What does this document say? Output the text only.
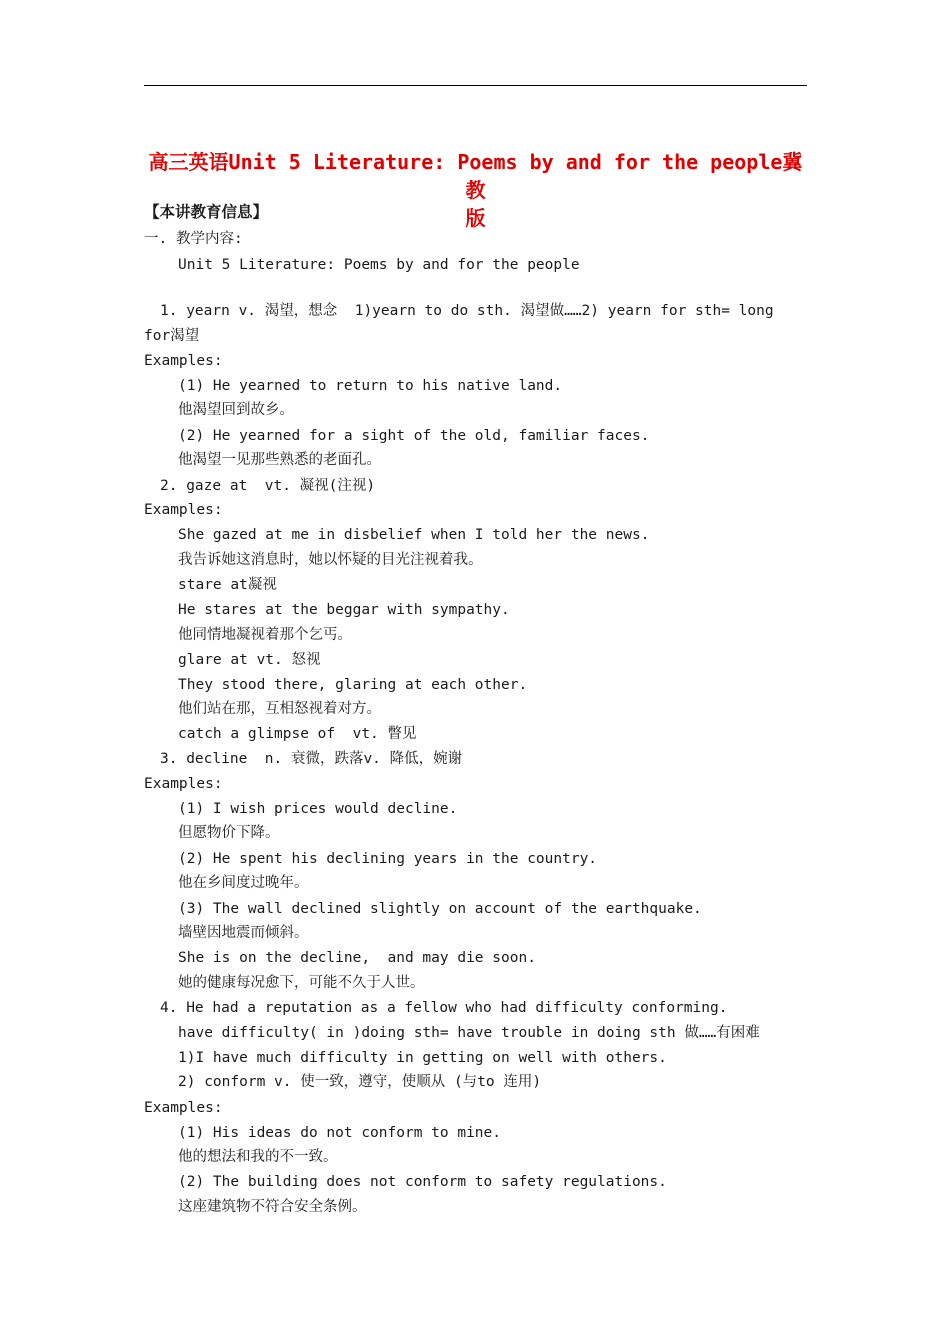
高三英语Unit 5 Literature: Poems by and for the people冀教
版
【本讲教育信息】
一. 教学内容:
Unit 5 Literature: Poems by and for the people
1. yearn v. 渴望，想念  1)yearn to do sth. 渴望做……2) yearn for sth= long
for渴望
Examples:
(1) He yearned to return to his native land.
他渴望回到故乡。
(2) He yearned for a sight of the old, familiar faces.
他渴望一见那些熟悉的老面孔。
2. gaze at  vt. 凝视(注视)
Examples:
She gazed at me in disbelief when I told her the news.
我告诉她这消息时，她以怀疑的目光注视着我。
stare at凝视
He stares at the beggar with sympathy.
他同情地凝视着那个乞丐。
glare at vt. 怒视
They stood there, glaring at each other.
他们站在那，互相怒视着对方。
catch a glimpse of  vt. 瞥见
3. decline  n. 衰微，跌落v. 降低，婉谢
Examples:
(1) I wish prices would decline.
但愿物价下降。
(2) He spent his declining years in the country.
他在乡间度过晚年。
(3) The wall declined slightly on account of the earthquake.
墙壁因地震而倾斜。
She is on the decline,  and may die soon.
她的健康每况愈下，可能不久于人世。
4. He had a reputation as a fellow who had difficulty conforming.
have difficulty( in )doing sth= have trouble in doing sth 做……有困难
1)I have much difficulty in getting on well with others.
2) conform v. 使一致，遵守，使顺从 (与to 连用)
Examples:
(1) His ideas do not conform to mine.
他的想法和我的不一致。
(2) The building does not conform to safety regulations.
这座建筑物不符合安全条例。
